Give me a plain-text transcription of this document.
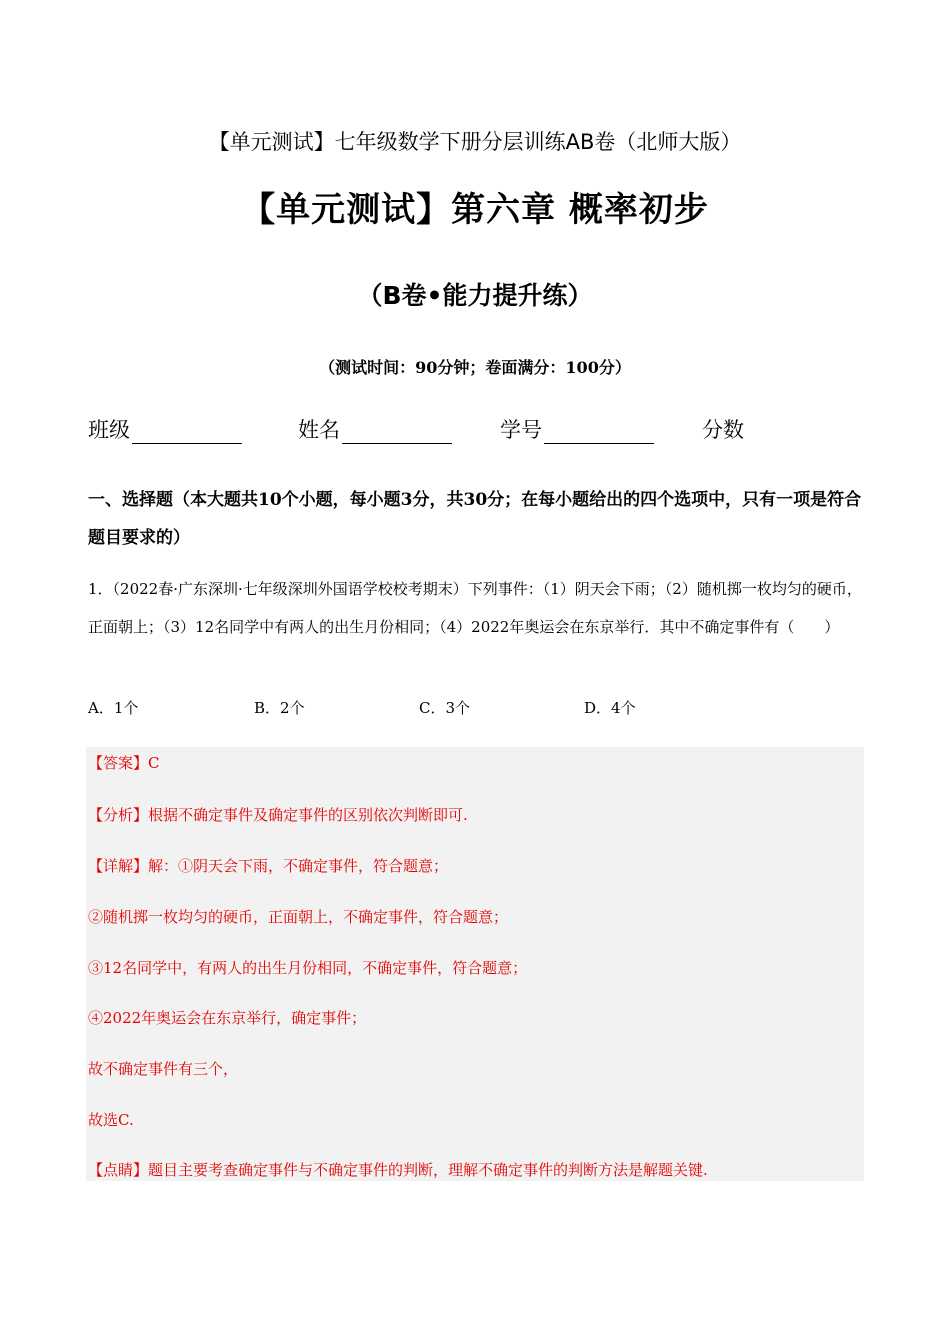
【单元测试】七年级数学下册分层训练AB卷（北师大版）
【单元测试】第六章 概率初步
（B卷•能力提升练）
（测试时间：90分钟；卷面满分：100分）
班级	姓名	学号	分数
一、选择题（本大题共10个小题，每小题3分，共30分；在每小题给出的四个选项中，只有一项是符合题目要求的）
1．（2022春·广东深圳·七年级深圳外国语学校校考期末）下列事件：（1）阴天会下雨；（2）随机掷一枚均匀的硬币，正面朝上；（3）12名同学中有两人的出生月份相同；（4）2022年奥运会在东京举行．其中不确定事件有（　　）
A．1个	B．2个	C．3个	D．4个
【答案】C
【分析】根据不确定事件及确定事件的区别依次判断即可.
【详解】解：①阴天会下雨，不确定事件，符合题意；
②随机掷一枚均匀的硬币，正面朝上，不确定事件，符合题意；
③12名同学中，有两人的出生月份相同，不确定事件，符合题意；
④2022年奥运会在东京举行，确定事件；
故不确定事件有三个，
故选C.
【点睛】题目主要考查确定事件与不确定事件的判断，理解不确定事件的判断方法是解题关键.
